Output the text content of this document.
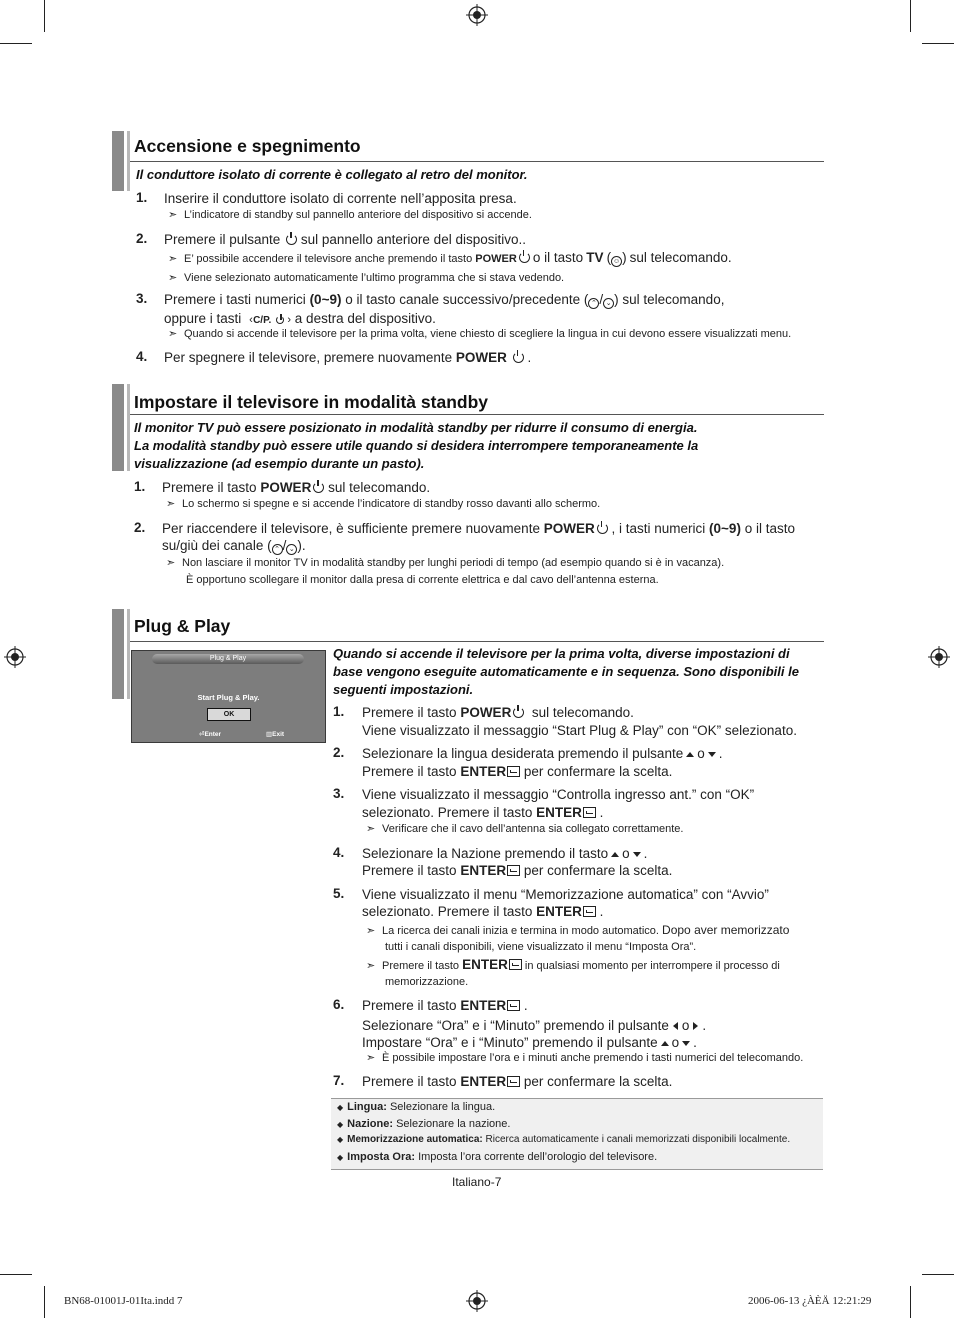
Accensione e spegnimento
Il conduttore isolato di corrente è collegato al retro del monitor.
1. Inserire il conduttore isolato di corrente nell’apposita presa.
➣ L’indicatore di standby sul pannello anteriore del dispositivo si accende.
2. Premere il pulsante sul pannello anteriore del dispositivo..
➣ E’ possibile accendere il televisore anche premendo il tasto POWER o il tasto TV ( ☺ ) sul telecomando.
➣ Viene selezionato automaticamente l’ultimo programma che si stava vedendo.
3. Premere i tasti numerici (0~9) o il tasto canale successivo/precedente ( ⌃ / ⌄ ) sul telecomando,
oppure i tasti ‹C/P.  › a destra del dispositivo.
➣ Quando si accende il televisore per la prima volta, viene chiesto di scegliere la lingua in cui devono essere visualizzati menu.
4. Per spegnere il televisore, premere nuovamente POWER .
Impostare il televisore in modalità standby
Il monitor TV può essere posizionato in modalità standby per ridurre il consumo di energia.
La modalità standby può essere utile quando si desidera interrompere temporaneamente la
visualizzazione (ad esempio durante un pasto).
1. Premere il tasto POWER sul telecomando.
➣ Lo schermo si spegne e si accende l’indicatore di standby rosso davanti allo schermo.
2. Per riaccendere il televisore, è sufficiente premere nuovamente POWER , i tasti numerici (0~9) o il tasto
su/giù dei canale ( ⌃ / ⌄ ).
➣ Non lasciare il monitor TV in modalità standby per lunghi periodi di tempo (ad esempio quando si è in vacanza).
È opportuno scollegare il monitor dalla presa di corrente elettrica e dal cavo dell’antenna esterna.
Plug & Play
Plug & Play
Start Plug & Play.
OK
⏎Enter	▥Exit
Quando si accende il televisore per la prima volta, diverse impostazioni di
base vengono eseguite automaticamente e in sequenza. Sono disponibili le
seguenti impostazioni.
1. Premere il tasto POWER sul telecomando.
Viene visualizzato il messaggio “Start Plug & Play” con “OK” selezionato.
2. Selezionare la lingua desiderata premendo il pulsante o .
Premere il tasto ENTER per confermare la scelta.
3. Viene visualizzato il messaggio “Controlla ingresso ant.” con “OK”
selezionato. Premere il tasto ENTER .
➣ Verificare che il cavo dell’antenna sia collegato correttamente.
4. Selezionare la Nazione premendo il tasto o .
Premere il tasto ENTER per confermare la scelta.
5. Viene visualizzato il menu “Memorizzazione automatica” con “Avvio”
selezionato. Premere il tasto ENTER .
➣ La ricerca dei canali inizia e termina in modo automatico. Dopo aver memorizzato
tutti i canali disponibili, viene visualizzato il menu “Imposta Ora”.
➣ Premere il tasto ENTER in qualsiasi momento per interrompere il processo di
memorizzazione.
6. Premere il tasto ENTER .
Selezionare “Ora” e i “Minuto” premendo il pulsante o .
Impostare “Ora” e i “Minuto” premendo il pulsante o .
➣ È possibile impostare l’ora e i minuti anche premendo i tasti numerici del telecomando.
7. Premere il tasto ENTER per confermare la scelta.
◆ Lingua: Selezionare la lingua.
◆ Nazione: Selezionare la nazione.
◆ Memorizzazione automatica: Ricerca automaticamente i canali memorizzati disponibili localmente.
◆ Imposta Ora: Imposta l’ora corrente dell’orologio del televisore.
Italiano-7
BN68-01001J-01Ita.indd 7	2006-06-13 ¿ÀÈÄ 12:21:29
